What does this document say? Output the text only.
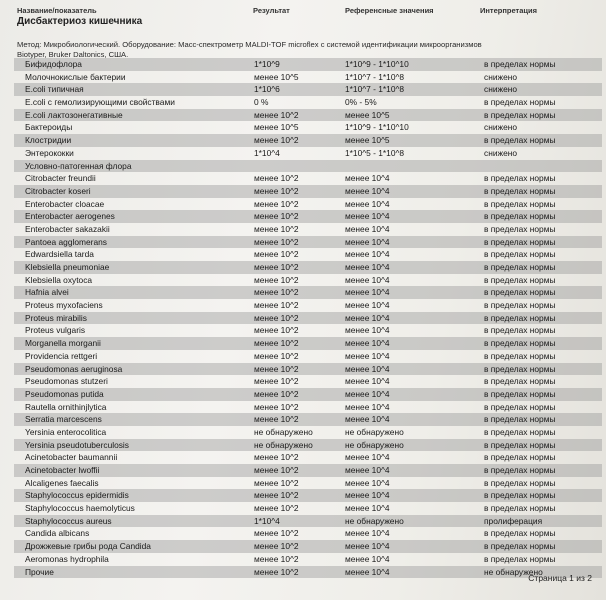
Название/показатель	Результат	Референсные значения	Интерпретация
Дисбактериоз кишечника
Метод: Микробиологический. Оборудование: Масс-спектрометр MALDI-TOF microflex с системой идентификации микроорганизмов
Biotyper, Bruker Daltonics, США.
Бифидофлора	1*10^9	1*10^9 - 1*10^10	в пределах нормы
Молочнокислые бактерии	менее 10^5	1*10^7 - 1*10^8	снижено
E.coli типичная	1*10^6	1*10^7 - 1*10^8	снижено
E.coli с гемолизирующими свойствами	0 %	0% - 5%	в пределах нормы
E.coli лактозонегативные	менее 10^2	менее 10^5	в пределах нормы
Бактероиды	менее 10^5	1*10^9 - 1*10^10	снижено
Клостридии	менее 10^2	менее 10^5	в пределах нормы
Энтерококки	1*10^4	1*10^5 - 1*10^8	снижено
Условно-патогенная флора
Citrobacter freundii	менее 10^2	менее 10^4	в пределах нормы
Citrobacter koseri	менее 10^2	менее 10^4	в пределах нормы
Enterobacter cloacae	менее 10^2	менее 10^4	в пределах нормы
Enterobacter aerogenes	менее 10^2	менее 10^4	в пределах нормы
Enterobacter sakazakii	менее 10^2	менее 10^4	в пределах нормы
Pantoea agglomerans	менее 10^2	менее 10^4	в пределах нормы
Edwardsiella tarda	менее 10^2	менее 10^4	в пределах нормы
Klebsiella pneumoniae	менее 10^2	менее 10^4	в пределах нормы
Klebsiella oxytoca	менее 10^2	менее 10^4	в пределах нормы
Hafnia alvei	менее 10^2	менее 10^4	в пределах нормы
Proteus myxofaciens	менее 10^2	менее 10^4	в пределах нормы
Proteus mirabilis	менее 10^2	менее 10^4	в пределах нормы
Proteus vulgaris	менее 10^2	менее 10^4	в пределах нормы
Morganella morganii	менее 10^2	менее 10^4	в пределах нормы
Providencia rettgeri	менее 10^2	менее 10^4	в пределах нормы
Pseudomonas aeruginosa	менее 10^2	менее 10^4	в пределах нормы
Pseudomonas stutzeri	менее 10^2	менее 10^4	в пределах нормы
Pseudomonas putida	менее 10^2	менее 10^4	в пределах нормы
Rautella ornithinjlytica	менее 10^2	менее 10^4	в пределах нормы
Serratia marcescens	менее 10^2	менее 10^4	в пределах нормы
Yersinia enterocolitica	не обнаружено	не обнаружено	в пределах нормы
Yersinia pseudotuberculosis	не обнаружено	не обнаружено	в пределах нормы
Acinetobacter baumannii	менее 10^2	менее 10^4	в пределах нормы
Acinetobacter lwoffii	менее 10^2	менее 10^4	в пределах нормы
Alcaligenes faecalis	менее 10^2	менее 10^4	в пределах нормы
Staphylococcus epidermidis	менее 10^2	менее 10^4	в пределах нормы
Staphylococcus haemolyticus	менее 10^2	менее 10^4	в пределах нормы
Staphylococcus aureus	1*10^4	не обнаружено	пролиферация
Candida albicans	менее 10^2	менее 10^4	в пределах нормы
Дрожжевые грибы рода Candida	менее 10^2	менее 10^4	в пределах нормы
Aeromonas hydrophila	менее 10^2	менее 10^4	в пределах нормы
Прочие	менее 10^2	менее 10^4	не обнаружено
Страница 1 из 2
